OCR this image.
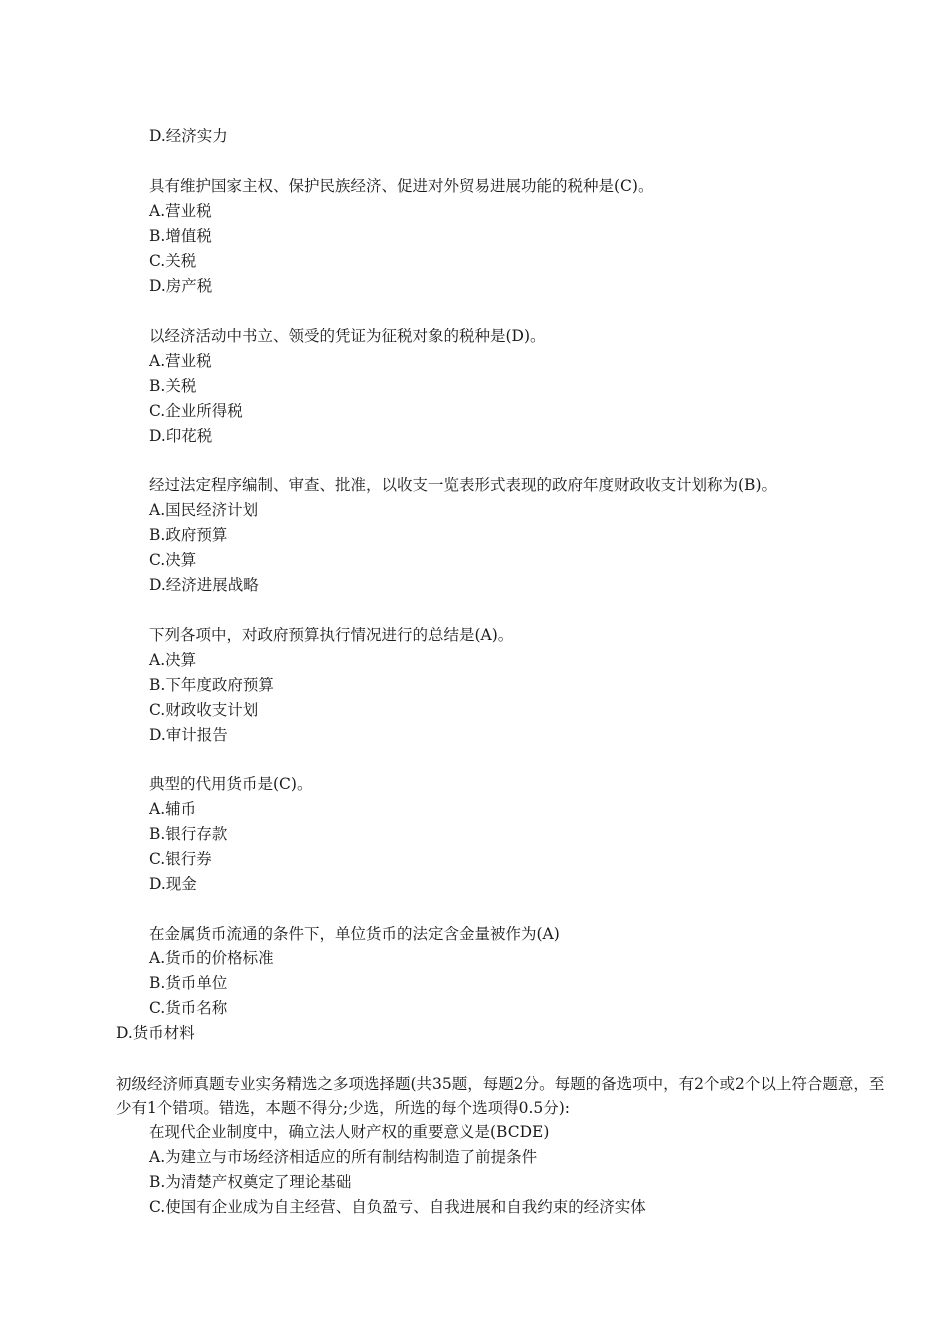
D.经济实力
具有维护国家主权、保护民族经济、促进对外贸易进展功能的税种是(C)。
A.营业税
B.增值税
C.关税
D.房产税
以经济活动中书立、领受的凭证为征税对象的税种是(D)。
A.营业税
B.关税
C.企业所得税
D.印花税
经过法定程序编制、审查、批准，以收支一览表形式表现的政府年度财政收支计划称为(B)。
A.国民经济计划
B.政府预算
C.决算
D.经济进展战略
下列各项中，对政府预算执行情况进行的总结是(A)。
A.决算
B.下年度政府预算
C.财政收支计划
D.审计报告
典型的代用货币是(C)。
A.辅币
B.银行存款
C.银行券
D.现金
在金属货币流通的条件下，单位货币的法定含金量被作为(A)
A.货币的价格标准
B.货币单位
C.货币名称
D.货币材料
初级经济师真题专业实务精选之多项选择题(共35题，每题2分。每题的备选项中，有2个或2个以上符合题意，至少有1个错项。错选，本题不得分;少选，所选的每个选项得0.5分):
在现代企业制度中，确立法人财产权的重要意义是(BCDE)
A.为建立与市场经济相适应的所有制结构制造了前提条件
B.为清楚产权奠定了理论基础
C.使国有企业成为自主经营、自负盈亏、自我进展和自我约束的经济实体
